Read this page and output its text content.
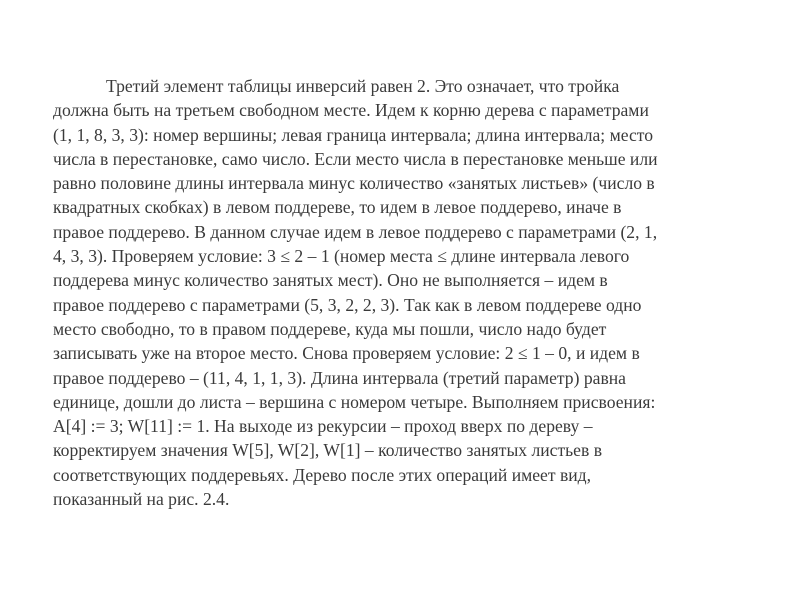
Третий элемент таблицы инверсий равен 2. Это означает, что тройка
должна быть на третьем свободном месте. Идем к корню дерева с параметрами
(1, 1, 8, 3, 3): номер вершины; левая граница интервала; длина интервала; место
числа в перестановке, само число. Если место числа в перестановке меньше или
равно половине длины интервала минус количество «занятых листьев» (число в
квадратных скобках) в левом поддереве, то идем в левое поддерево, иначе в
правое поддерево. В данном случае идем в левое поддерево с параметрами (2, 1,
4, 3, 3). Проверяем условие: 3 ≤ 2 – 1 (номер места ≤ длине интервала левого
поддерева минус количество занятых мест). Оно не выполняется – идем в
правое поддерево с параметрами (5, 3, 2, 2, 3). Так как в левом поддереве одно
место свободно, то в правом поддереве, куда мы пошли, число надо будет
записывать уже на второе место. Снова проверяем условие: 2 ≤ 1 – 0, и идем в
правое поддерево – (11, 4, 1, 1, 3). Длина интервала (третий параметр) равна
единице, дошли до листа – вершина с номером четыре. Выполняем присвоения:
A[4] := 3; W[11] := 1. На выходе из рекурсии – проход вверх по дереву –
корректируем значения W[5], W[2], W[1] – количество занятых листьев в
соответствующих поддеревьях. Дерево после этих операций имеет вид,
показанный на рис. 2.4.
